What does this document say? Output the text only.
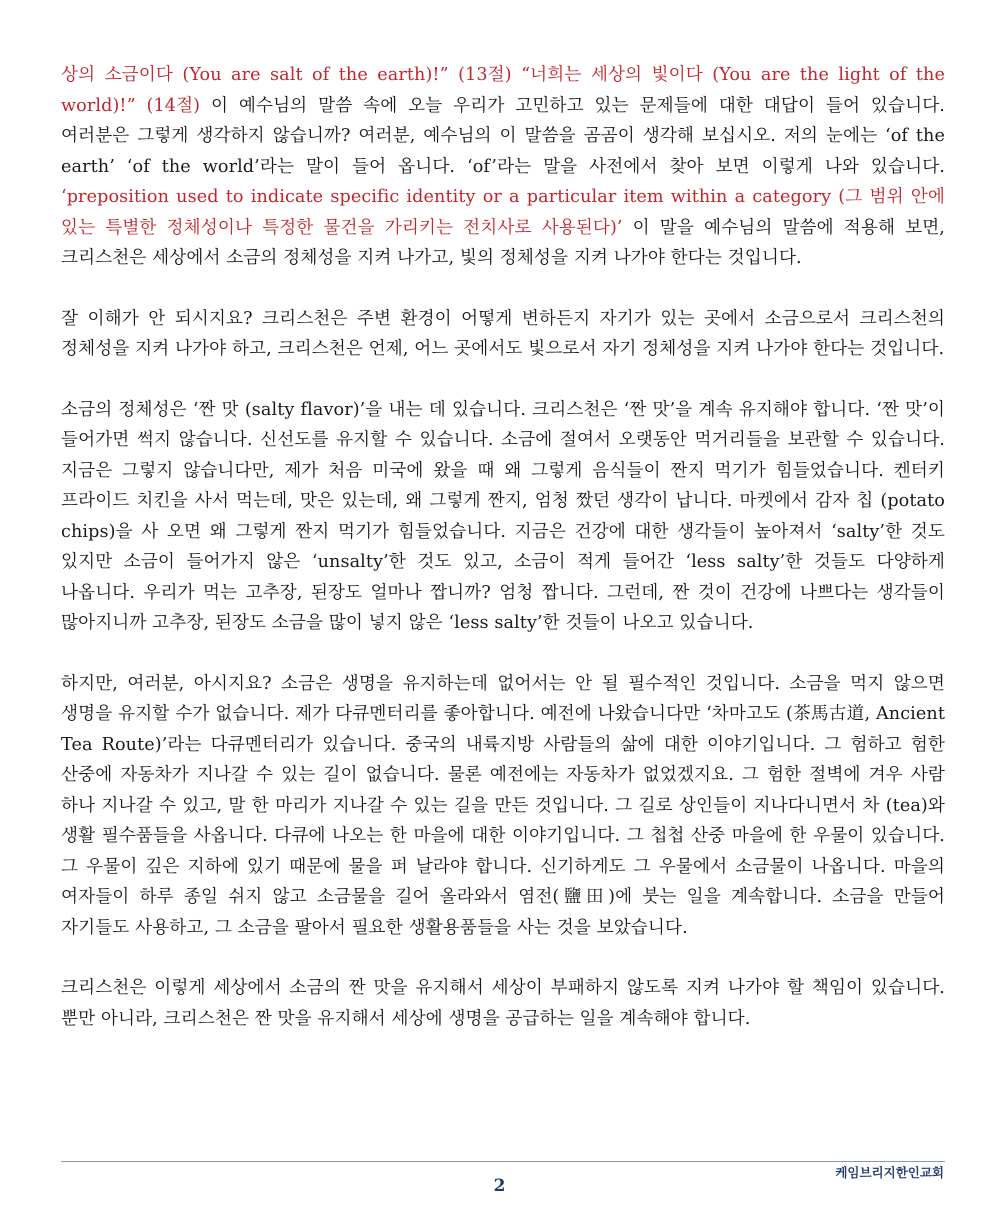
상의 소금이다 (You are salt of the earth)!” (13절) “너희는 세상의 빛이다 (You are the light of the world)!” (14절) 이 예수님의 말씀 속에 오늘 우리가 고민하고 있는 문제들에 대한 대답이 들어 있습니다. 여러분은 그렇게 생각하지 않습니까? 여러분, 예수님의 이 말씀을 곰곰이 생각해 보십시오. 저의 눈에는 ‘of the earth’ ‘of the world’라는 말이 들어 옵니다. ‘of’라는 말을 사전에서 찾아 보면 이렇게 나와 있습니다. ‘preposition used to indicate specific identity or a particular item within a category (그 범위 안에 있는 특별한 정체성이나 특정한 물건을 가리키는 전치사로 사용된다)’ 이 말을 예수님의 말씀에 적용해 보면, 크리스천은 세상에서 소금의 정체성을 지켜 나가고, 빛의 정체성을 지켜 나가야 한다는 것입니다.

잘 이해가 안 되시지요? 크리스천은 주변 환경이 어떻게 변하든지 자기가 있는 곳에서 소금으로서 크리스천의 정체성을 지켜 나가야 하고, 크리스천은 언제, 어느 곳에서도 빛으로서 자기 정체성을 지켜 나가야 한다는 것입니다.

소금의 정체성은 ‘짠 맛 (salty flavor)’을 내는 데 있습니다. 크리스천은 ‘짠 맛’을 계속 유지해야 합니다. ‘짠 맛’이 들어가면 썩지 않습니다. 신선도를 유지할 수 있습니다. 소금에 절여서 오랫동안 먹거리들을 보관할 수 있습니다. 지금은 그렇지 않습니다만, 제가 처음 미국에 왔을 때 왜 그렇게 음식들이 짠지 먹기가 힘들었습니다. 켄터키 프라이드 치킨을 사서 먹는데, 맛은 있는데, 왜 그렇게 짠지, 엄청 짰던 생각이 납니다. 마켓에서 감자 칩 (potato chips)을 사 오면 왜 그렇게 짠지 먹기가 힘들었습니다. 지금은 건강에 대한 생각들이 높아져서 ‘salty’한 것도 있지만 소금이 들어가지 않은 ‘unsalty’한 것도 있고, 소금이 적게 들어간 ‘less salty’한 것들도 다양하게 나옵니다. 우리가 먹는 고추장, 된장도 얼마나 짭니까? 엄청 짭니다. 그런데, 짠 것이 건강에 나쁘다는 생각들이 많아지니까 고추장, 된장도 소금을 많이 넣지 않은 ‘less salty’한 것들이 나오고 있습니다.

하지만, 여러분, 아시지요? 소금은 생명을 유지하는데 없어서는 안 될 필수적인 것입니다. 소금을 먹지 않으면 생명을 유지할 수가 없습니다. 제가 다큐멘터리를 좋아합니다. 예전에 나왔습니다만 ‘차마고도 (茶馬古道, Ancient Tea Route)’라는 다큐멘터리가 있습니다. 중국의 내륙지방 사람들의 삶에 대한 이야기입니다. 그 험하고 험한 산중에 자동차가 지나갈 수 있는 길이 없습니다. 물론 예전에는 자동차가 없었겠지요. 그 험한 절벽에 겨우 사람 하나 지나갈 수 있고, 말 한 마리가 지나갈 수 있는 길을 만든 것입니다. 그 길로 상인들이 지나다니면서 차 (tea)와 생활 필수품들을 사옵니다. 다큐에 나오는 한 마을에 대한 이야기입니다. 그 첩첩 산중 마을에 한 우물이 있습니다. 그 우물이 깊은 지하에 있기 때문에 물을 퍼 날라야 합니다. 신기하게도 그 우물에서 소금물이 나옵니다. 마을의 여자들이 하루 종일 쉬지 않고 소금물을 길어 올라와서 염전(鹽田)에 붓는 일을 계속합니다. 소금을 만들어 자기들도 사용하고, 그 소금을 팔아서 필요한 생활용품들을 사는 것을 보았습니다.

크리스천은 이렇게 세상에서 소금의 짠 맛을 유지해서 세상이 부패하지 않도록 지켜 나가야 할 책임이 있습니다. 뿐만 아니라, 크리스천은 짠 맛을 유지해서 세상에 생명을 공급하는 일을 계속해야 합니다.

케임브리지한인교회
2
